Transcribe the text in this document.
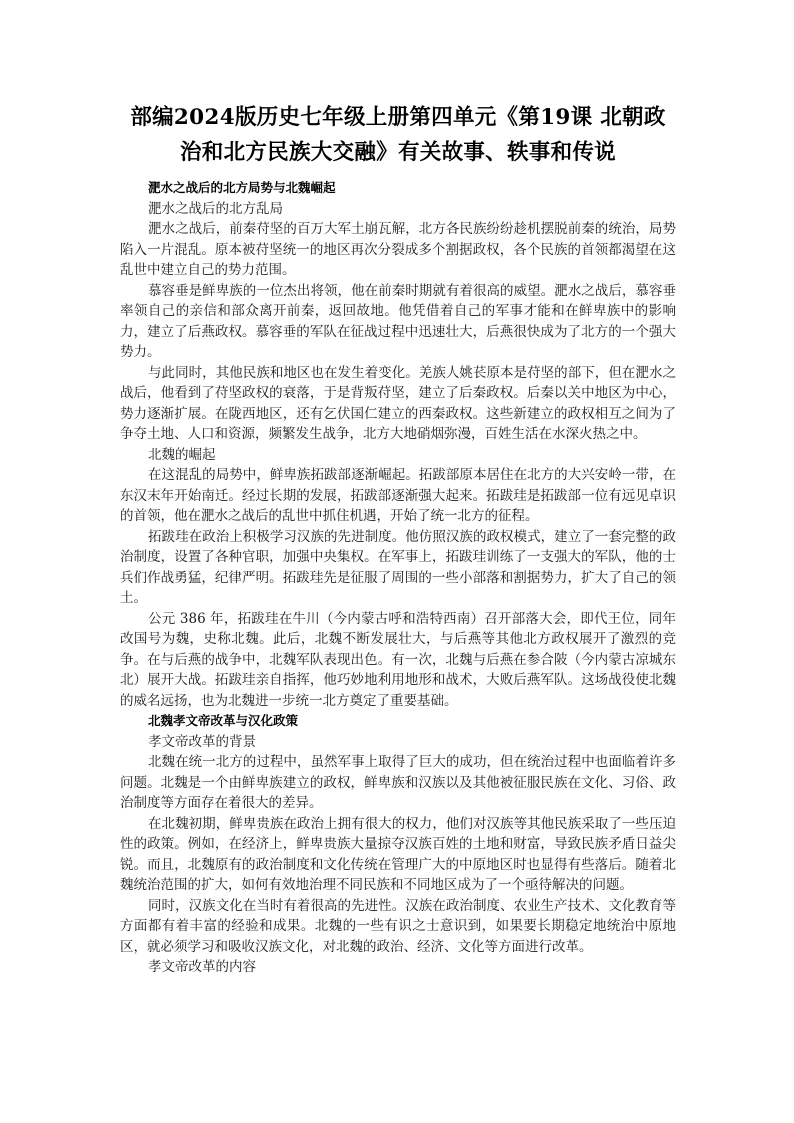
部编2024版历史七年级上册第四单元《第19课 北朝政治和北方民族大交融》有关故事、轶事和传说

淝水之战后的北方局势与北魏崛起

淝水之战后的北方乱局

淝水之战后，前秦苻坚的百万大军土崩瓦解，北方各民族纷纷趁机摆脱前秦的统治，局势陷入一片混乱。原本被苻坚统一的地区再次分裂成多个割据政权，各个民族的首领都渴望在这乱世中建立自己的势力范围。

慕容垂是鲜卑族的一位杰出将领，他在前秦时期就有着很高的威望。淝水之战后，慕容垂率领自己的亲信和部众离开前秦，返回故地。他凭借着自己的军事才能和在鲜卑族中的影响力，建立了后燕政权。慕容垂的军队在征战过程中迅速壮大，后燕很快成为了北方的一个强大势力。

与此同时，其他民族和地区也在发生着变化。羌族人姚苌原本是苻坚的部下，但在淝水之战后，他看到了苻坚政权的衰落，于是背叛苻坚，建立了后秦政权。后秦以关中地区为中心，势力逐渐扩展。在陇西地区，还有乞伏国仁建立的西秦政权。这些新建立的政权相互之间为了争夺土地、人口和资源，频繁发生战争，北方大地硝烟弥漫，百姓生活在水深火热之中。

北魏的崛起

在这混乱的局势中，鲜卑族拓跋部逐渐崛起。拓跋部原本居住在北方的大兴安岭一带，在东汉末年开始南迁。经过长期的发展，拓跋部逐渐强大起来。拓跋珪是拓跋部一位有远见卓识的首领，他在淝水之战后的乱世中抓住机遇，开始了统一北方的征程。

拓跋珪在政治上积极学习汉族的先进制度。他仿照汉族的政权模式，建立了一套完整的政治制度，设置了各种官职，加强中央集权。在军事上，拓跋珪训练了一支强大的军队，他的士兵们作战勇猛，纪律严明。拓跋珪先是征服了周围的一些小部落和割据势力，扩大了自己的领土。

公元 386 年，拓跋珪在牛川（今内蒙古呼和浩特西南）召开部落大会，即代王位，同年改国号为魏，史称北魏。此后，北魏不断发展壮大，与后燕等其他北方政权展开了激烈的竞争。在与后燕的战争中，北魏军队表现出色。有一次，北魏与后燕在参合陂（今内蒙古凉城东北）展开大战。拓跋珪亲自指挥，他巧妙地利用地形和战术，大败后燕军队。这场战役使北魏的威名远扬，也为北魏进一步统一北方奠定了重要基础。

北魏孝文帝改革与汉化政策

孝文帝改革的背景

北魏在统一北方的过程中，虽然军事上取得了巨大的成功，但在统治过程中也面临着许多问题。北魏是一个由鲜卑族建立的政权，鲜卑族和汉族以及其他被征服民族在文化、习俗、政治制度等方面存在着很大的差异。

在北魏初期，鲜卑贵族在政治上拥有很大的权力，他们对汉族等其他民族采取了一些压迫性的政策。例如，在经济上，鲜卑贵族大量掠夺汉族百姓的土地和财富，导致民族矛盾日益尖锐。而且，北魏原有的政治制度和文化传统在管理广大的中原地区时也显得有些落后。随着北魏统治范围的扩大，如何有效地治理不同民族和不同地区成为了一个亟待解决的问题。

同时，汉族文化在当时有着很高的先进性。汉族在政治制度、农业生产技术、文化教育等方面都有着丰富的经验和成果。北魏的一些有识之士意识到，如果要长期稳定地统治中原地区，就必须学习和吸收汉族文化，对北魏的政治、经济、文化等方面进行改革。

孝文帝改革的内容
